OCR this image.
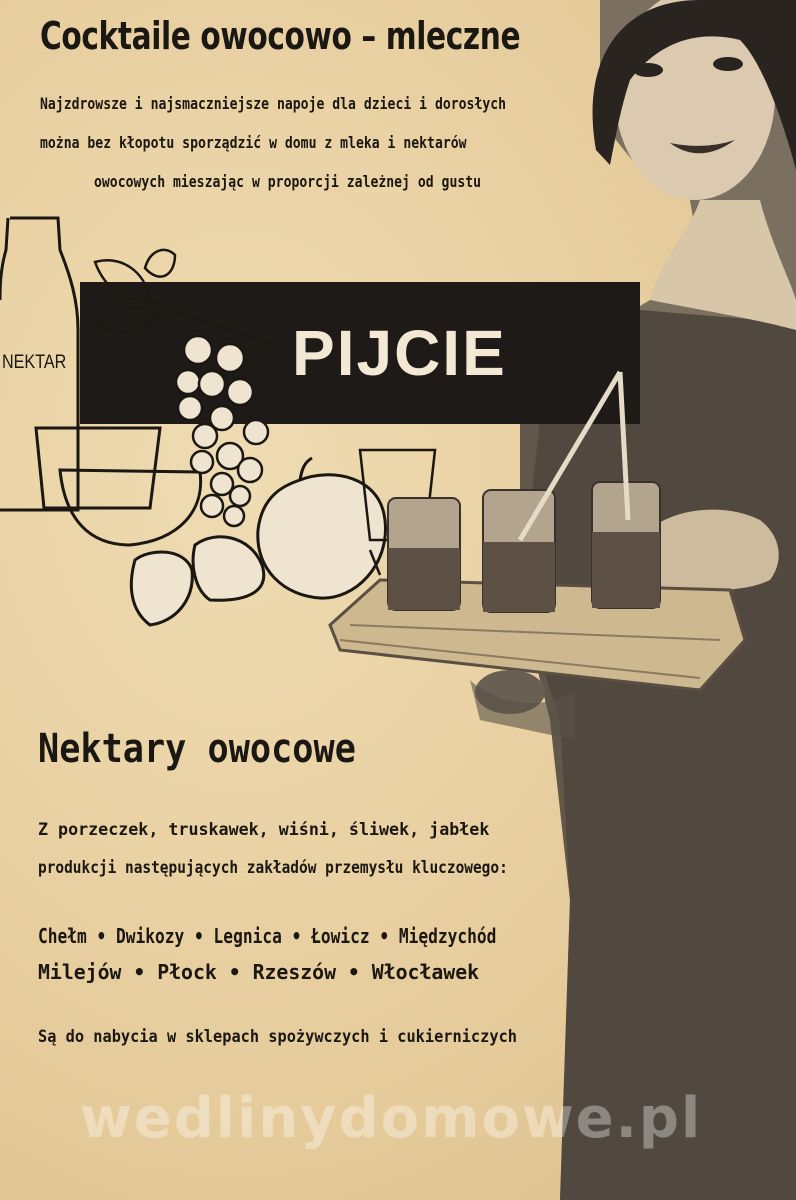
Cocktaile owocowo – mleczne
Najzdrowsze i najsmaczniejsze napoje dla dzieci i dorosłych
można bez kłopotu sporządzić w domu z mleka i nektarów
owocowych mieszając w proporcji zależnej od gustu
PIJCIE
NEKTAR
Nektary owocowe
Z porzeczek, truskawek, wiśni, śliwek, jabłek
produkcji następujących zakładów przemysłu kluczowego:
Chełm • Dwikozy • Legnica • Łowicz • Międzychód
Milejów • Płock • Rzeszów • Włocławek
Są do nabycia w sklepach spożywczych i cukierniczych
wedlinydomowe.pl
